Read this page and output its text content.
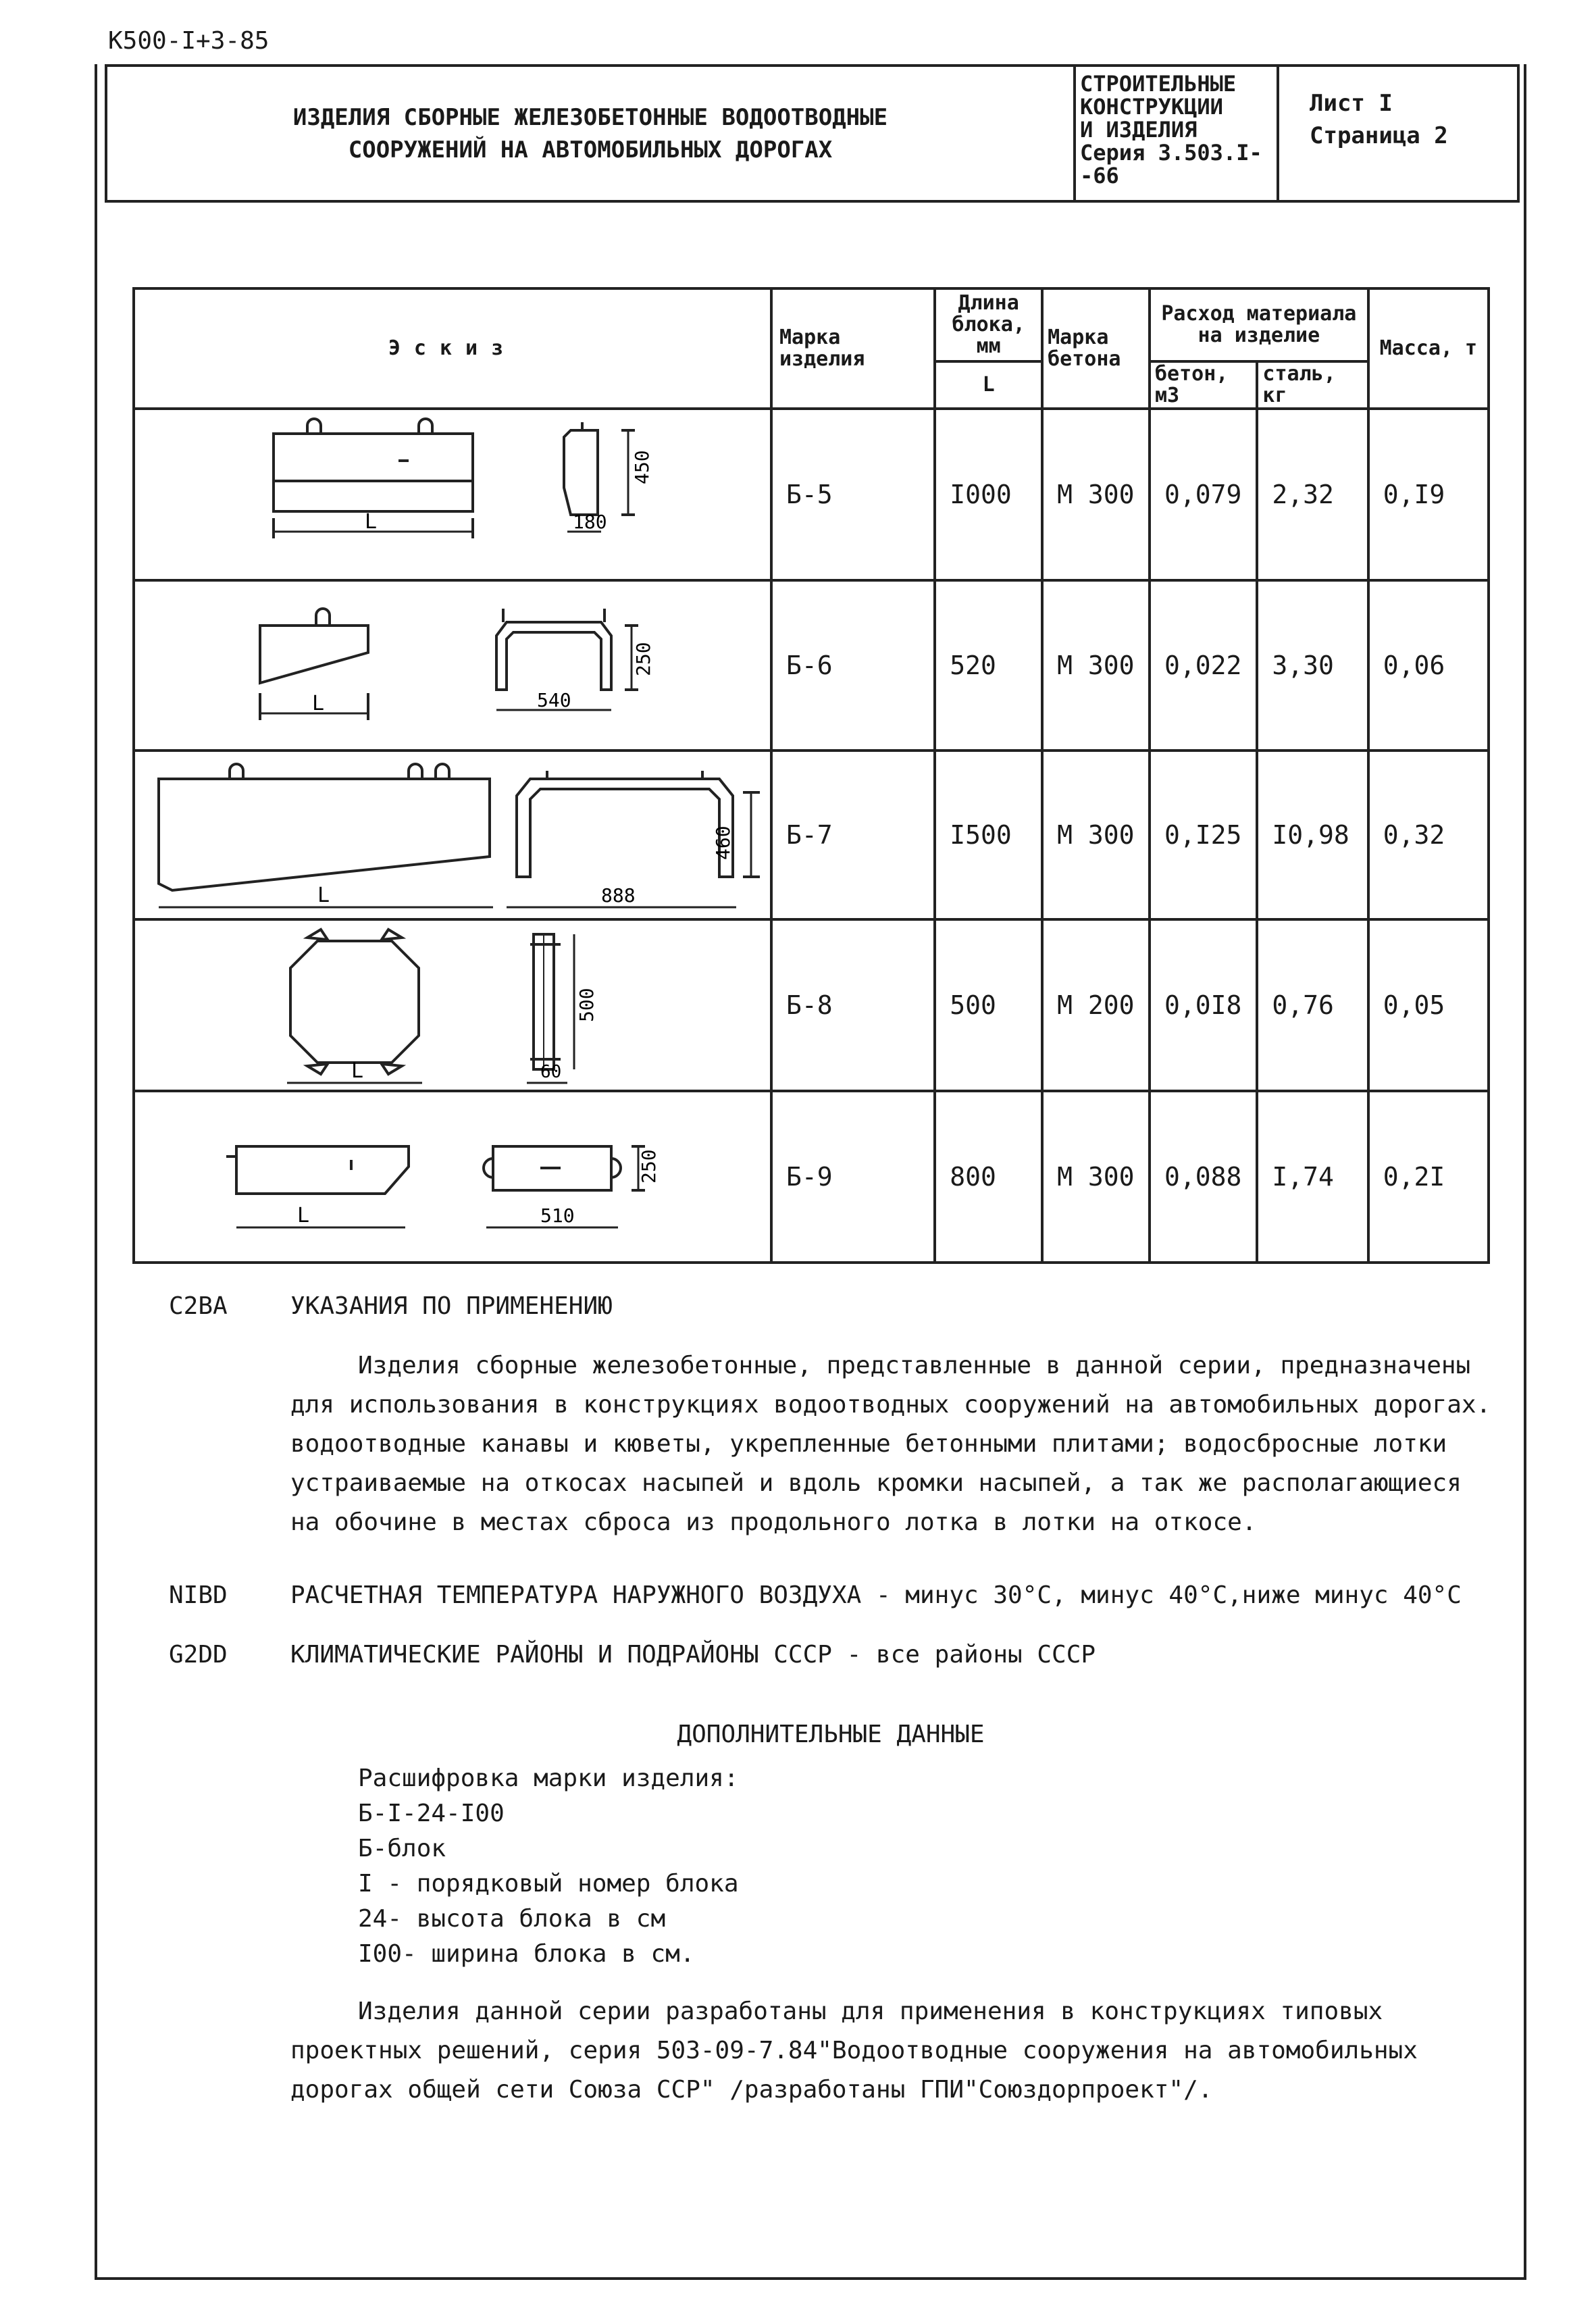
К500-I+3-85
ИЗДЕЛИЯ СБОРНЫЕ ЖЕЛЕЗОБЕТОННЫЕ ВОДООТВОДНЫЕ
СООРУЖЕНИЙ НА АВТОМОБИЛЬНЫХ ДОРОГАХ
СТРОИТЕЛЬНЫЕ
КОНСТРУКЦИИ
И ИЗДЕЛИЯ
Серия 3.503.I-
-66
Лист I
Страница 2
Эскиз	Марка изделия	Длина блока, мм	Марка бетона	Расход материала на изделие		Масса, т
		L		бетон, м3	сталь, кг	

L
450
180	Б-5	I000	М 300	0,079	2,32	0,I9

L
250
540	Б-6	520	М 300	0,022	3,30	0,06

L
460
888	Б-7	I500	М 300	0,I25	I0,98	0,32

L
500
60	Б-8	500	М 200	0,0I8	0,76	0,05

L
250
510	Б-9	800	М 300	0,088	I,74	0,2I
С2ВА	УКАЗАНИЯ ПО ПРИМЕНЕНИЮ
Изделия сборные железобетонные, представленные в данной серии, предназначены
для использования в конструкциях водоотводных сооружений на автомобильных дорогах.
водоотводные канавы и кюветы, укрепленные бетонными плитами; водосбросные лотки
устраиваемые на откосах насыпей и вдоль кромки насыпей, а так же располагающиеся
на обочине в местах сброса из продольного лотка в лотки на откосе.
NIBD	РАСЧЕТНАЯ ТЕМПЕРАТУРА НАРУЖНОГО ВОЗДУХА - минус 30°С, минус 40°С,ниже минус 40°С
G2DD	КЛИМАТИЧЕСКИЕ РАЙОНЫ И ПОДРАЙОНЫ СССР - все районы СССР
ДОПОЛНИТЕЛЬНЫЕ ДАННЫЕ
Расшифровка марки изделия:
Б-I-24-I00
Б-блок
I - порядковый номер блока
24- высота блока в см
I00- ширина блока в см.
Изделия данной серии разработаны для применения в конструкциях типовых
проектных решений, серия 503-09-7.84"Водоотводные сооружения на автомобильных
дорогах общей сети Союза ССР" /разработаны ГПИ"Союздорпроект"/.
